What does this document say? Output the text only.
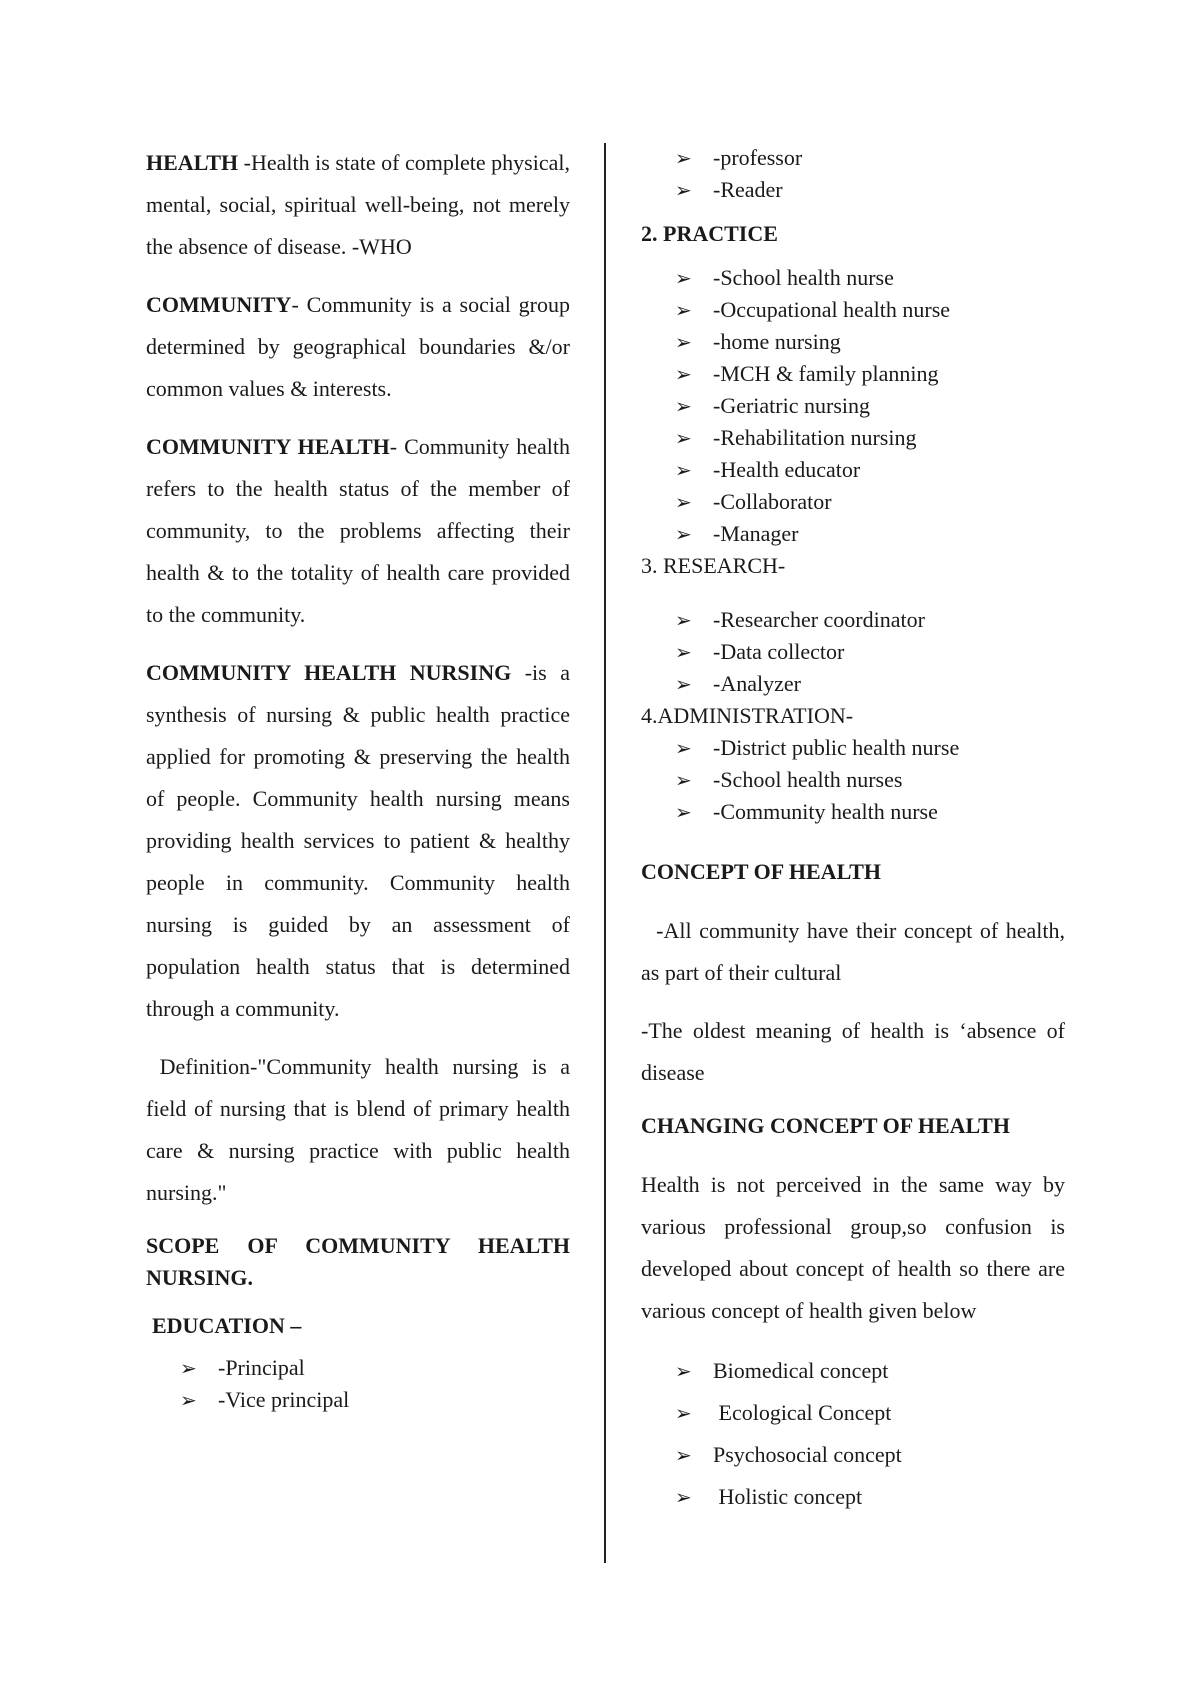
HEALTH -Health is state of complete physical, mental, social, spiritual well-being, not merely the absence of disease. -WHO

COMMUNITY- Community is a social group determined by geographical boundaries &/or common values & interests.

COMMUNITY HEALTH- Community health refers to the health status of the member of community, to the problems affecting their health & to the totality of health care provided to the community.

COMMUNITY HEALTH NURSING -is a synthesis of nursing & public health practice applied for promoting & preserving the health of people. Community health nursing means providing health services to patient & healthy people in community. Community health nursing is guided by an assessment of population health status that is determined through a community.

Definition-"Community health nursing is a field of nursing that is blend of primary health care & nursing practice with public health nursing."

SCOPE OF COMMUNITY HEALTH NURSING.

EDUCATION –

➢ -Principal
➢ -Vice principal
➢ -professor
➢ -Reader

2. PRACTICE

➢ -School health nurse
➢ -Occupational health nurse
➢ -home nursing
➢ -MCH & family planning
➢ -Geriatric nursing
➢ -Rehabilitation nursing
➢ -Health educator
➢ -Collaborator
➢ -Manager

3. RESEARCH-

➢ -Researcher coordinator
➢ -Data collector
➢ -Analyzer

4.ADMINISTRATION-

➢ -District public health nurse
➢ -School health nurses
➢ -Community health nurse

CONCEPT OF HEALTH

-All community have their concept of health, as part of their cultural

-The oldest meaning of health is ‘absence of disease

CHANGING CONCEPT OF HEALTH

Health is not perceived in the same way by various professional group,so confusion is developed about concept of health so there are various concept of health given below

➢ Biomedical concept
➢ Ecological Concept
➢ Psychosocial concept
➢ Holistic concept
